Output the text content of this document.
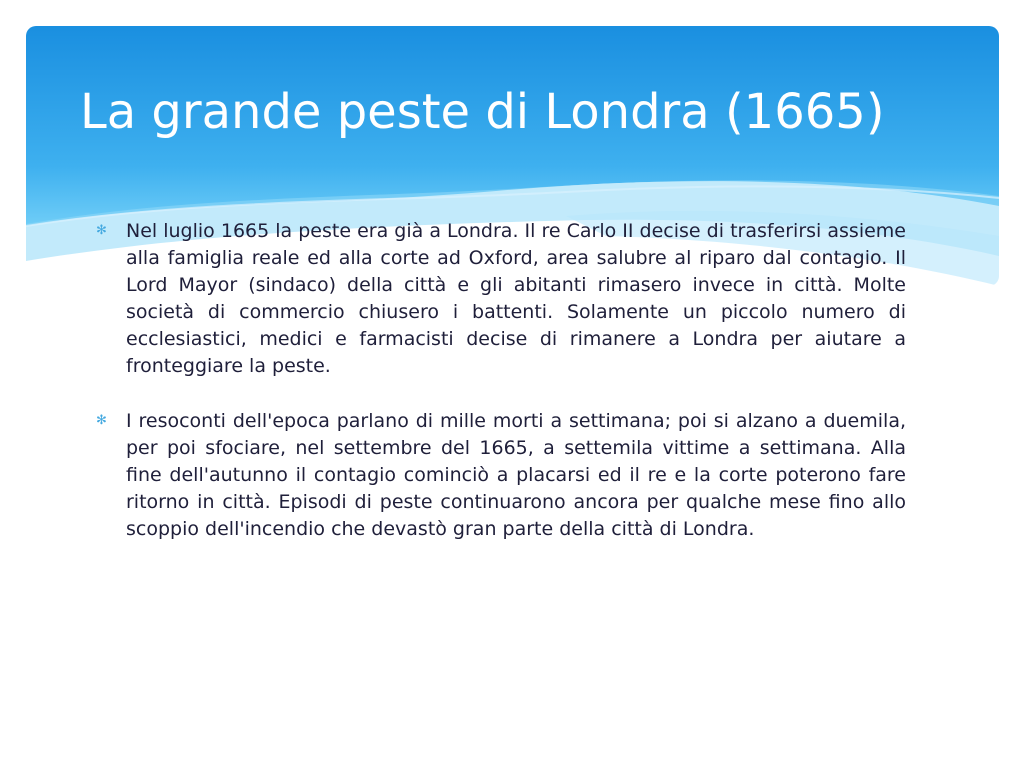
La grande peste di Londra (1665)
✻ Nel luglio 1665 la peste era già a Londra. Il re Carlo II decise di trasferirsi assieme alla famiglia reale ed alla corte ad Oxford, area salubre al riparo dal contagio. Il Lord Mayor (sindaco) della città e gli abitanti rimasero invece in città. Molte società di commercio chiusero i battenti. Solamente un piccolo numero di ecclesiastici, medici e farmacisti decise di rimanere a Londra per aiutare a fronteggiare la peste.

✻ I resoconti dell'epoca parlano di mille morti a settimana; poi si alzano a duemila, per poi sfociare, nel settembre del 1665, a settemila vittime a settimana. Alla fine dell'autunno il contagio cominciò a placarsi ed il re e la corte poterono fare ritorno in città. Episodi di peste continuarono ancora per qualche mese fino allo scoppio dell'incendio che devastò gran parte della città di Londra.
